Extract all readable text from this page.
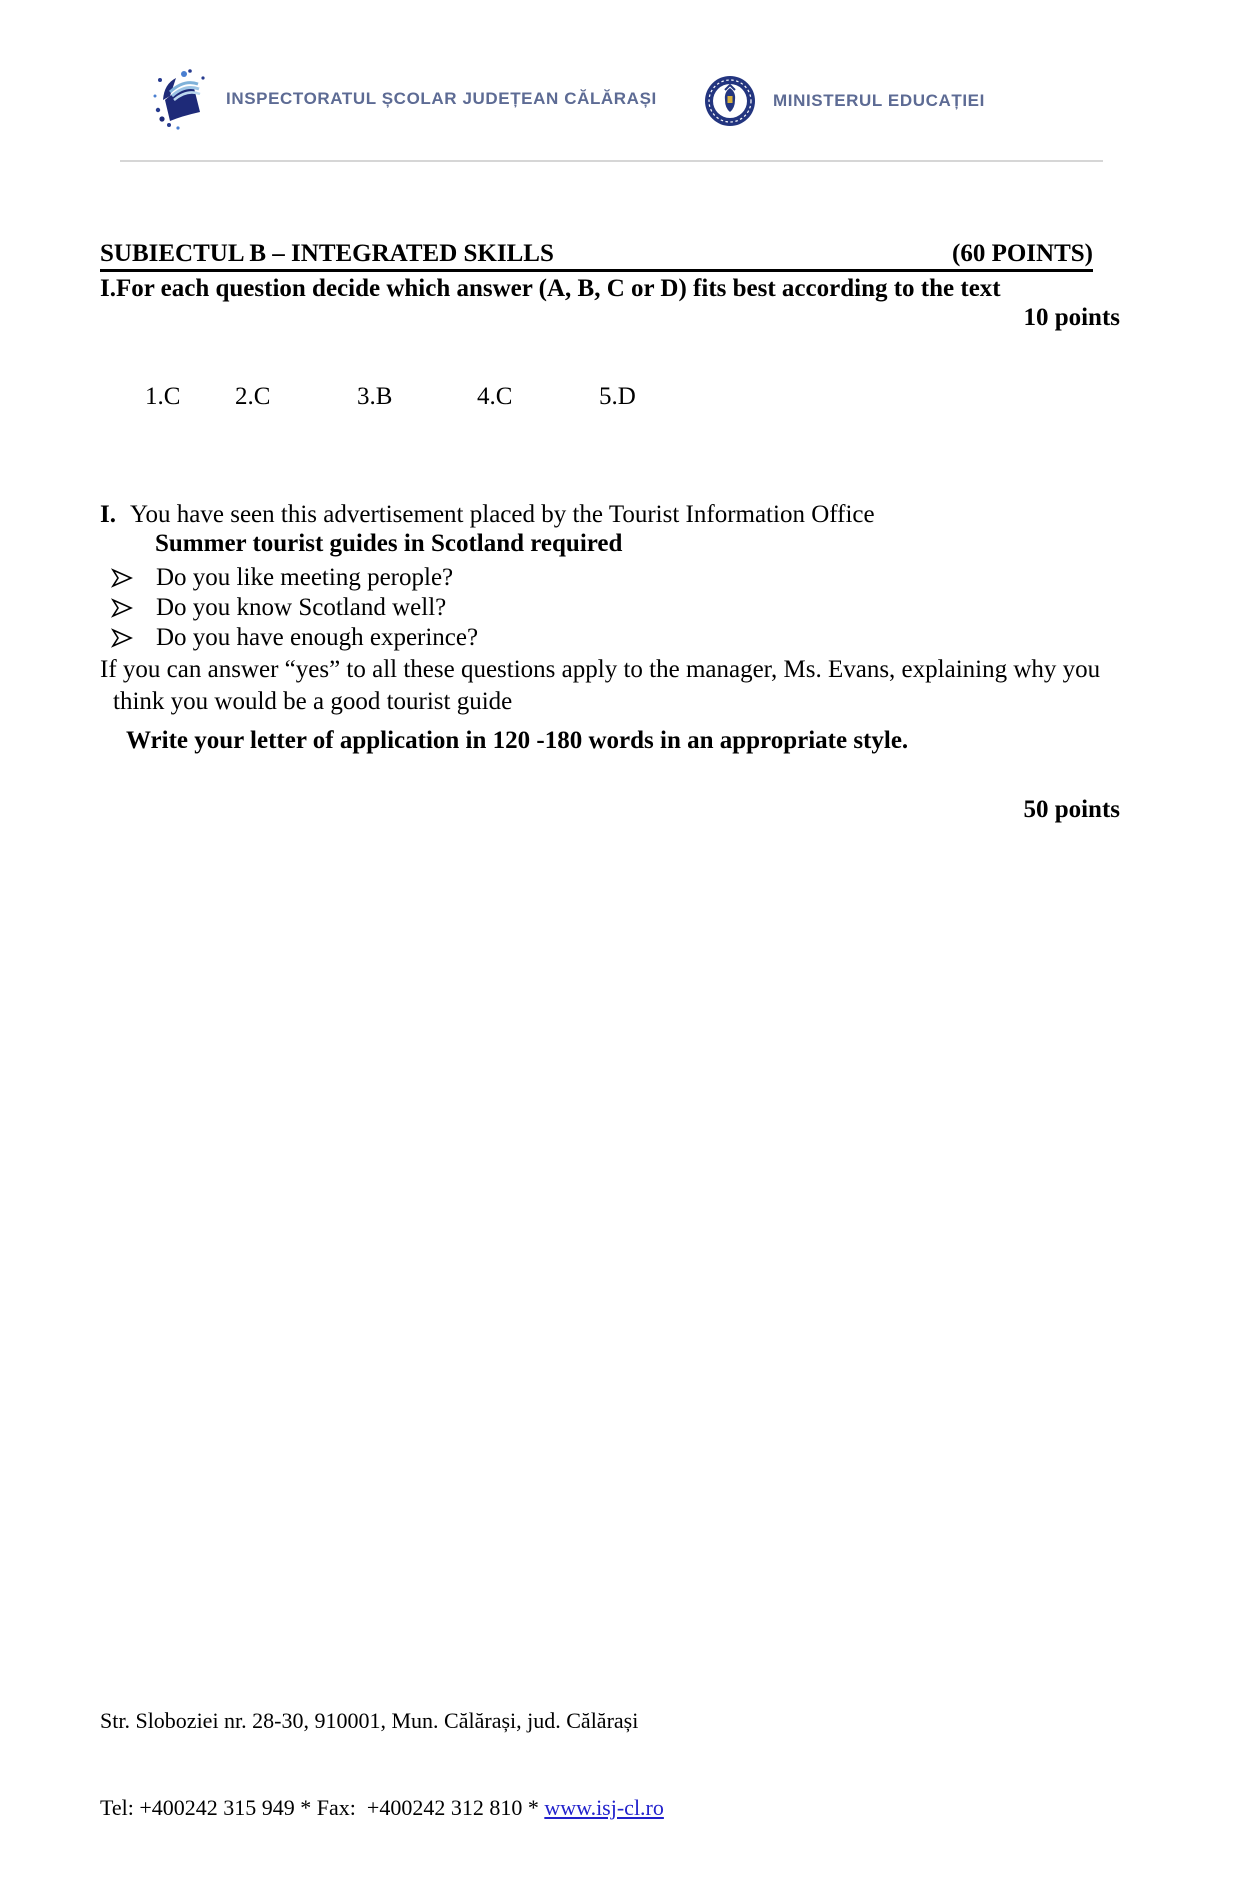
INSPECTORATUL ȘCOLAR JUDEȚEAN CĂLĂRAȘI	MINISTERUL EDUCAȚIEI
SUBIECTUL B – INTEGRATED SKILLS	(60 POINTS)
I.For each question decide which answer (A, B, C or D) fits best according to the text
10 points
1.C 2.C	3.B	4.C	5.D
I. You have seen this advertisement placed by the Tourist Information Office
Summer tourist guides in Scotland required
Do you like meeting perople?
Do you know Scotland well?
Do you have enough experince?
If you can answer “yes” to all these questions apply to the manager, Ms. Evans, explaining why you
think you would be a good tourist guide
Write your letter of application in 120 -180 words in an appropriate style.
50 points

Str. Sloboziei nr. 28-30, 910001, Mun. Călărași, jud. Călărași

Tel: +400242 315 949 * Fax:  +400242 312 810 * www.isj-cl.ro
